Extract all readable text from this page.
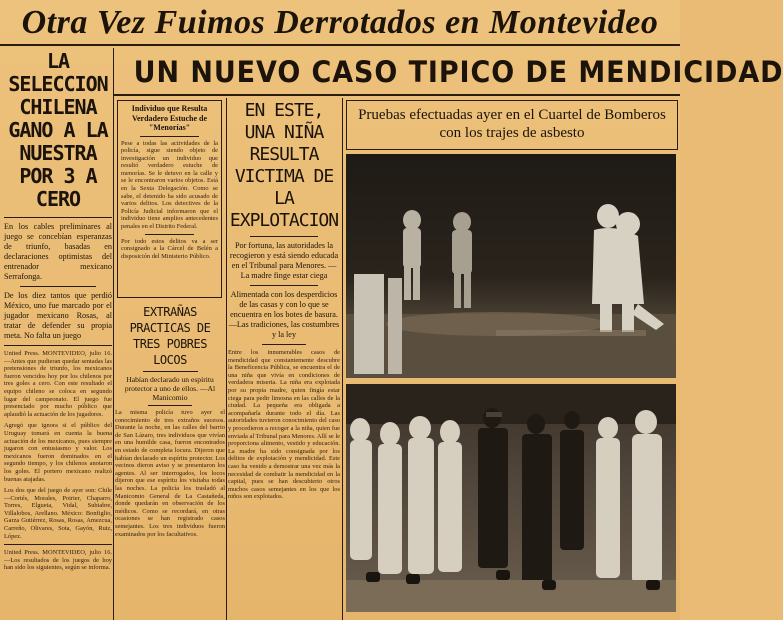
Otra Vez Fuimos Derrotados en Montevideo
LA SELECCION CHILENA GANO A LA NUESTRA POR 3 A CERO
En los cables preliminares al juego se concebían esperanzas de triunfo, basadas en declaraciones optimistas del entrenador mexicano Serrafonga.
De los diez tantos que perdió México, uno fue marcado por el jugador mexicano Rosas, al tratar de defender su propia meta. No falta un juego
United Press. MONTEVIDEO, julio 16.—Antes que pudieran quedar sentadas las pretensiones de triunfo, los mexicanos fueron vencidos hoy por los chilenos por tres goles a cero. Con este resultado el equipo chileno se coloca en segundo lugar del campeonato. El juego fue presenciado por mucho público que aplaudió la actuación de los jugadores.
Agregó que ignora si el público del Uruguay tomará en cuenta la buena actuación de los mexicanos, pues siempre jugaron con entusiasmo y valor. Los mexicanos fueron dominados en el segundo tiempo, y los chilenos anotaron los goles. El portero mexicano realizó buenas atajadas.
Los dos que del juego de ayer son: Chile—Cortés, Morales, Poirier, Chaparro, Torres, Elgueta, Vidal, Subiabre, Villalobos, Arellano. México: Bonfiglio, Garza Gutiérrez, Rosas, Rosas, Amezcua, Carreño, Olivares, Sota, Gayón, Ruiz, López.
United Press. MONTEVIDEO, julio 16.—Los resultados de los juegos de hoy han sido los siguientes, según se informa.
UN NUEVO CASO TIPICO DE MENDICIDAD
Individuo que Resulta Verdadero Estuche de "Menorías"
Pese a todas las actividades de la policía, sigue siendo objeto de investigación un individuo que resultó verdadero estuche de menorías. Se le detuvo en la calle y se le encontraron varios objetos. Está en la Sexta Delegación. Como se sabe, el detenido ha sido acusado de varios delitos. Los detectives de la Policía Judicial informaron que el individuo tiene amplios antecedentes penales en el Distrito Federal.
Por todo estos delitos va a ser consignado a la Cárcel de Belén a disposición del Ministerio Público.
EXTRAÑAS PRACTICAS DE TRES POBRES LOCOS
Habían declarado un espíritu protector a uno de ellos. —Al Manicomio
La misma policía tuvo ayer el conocimiento de tres extraños sucesos. Durante la noche, en las calles del barrio de San Lázaro, tres individuos que vivían en una humilde casa, fueron encontrados en estado de completa locura. Dijeron que habían declarado un espíritu protector. Los vecinos dieron aviso y se presentaron los agentes. Al ser interrogados, los locos dijeron que ese espíritu los visitaba todas las noches. La policía los trasladó al Manicomio General de La Castañeda, donde quedarán en observación de los médicos. Como se recordará, en otras ocasiones se han registrado casos semejantes. Los tres individuos fueron examinados por los facultativos.
EN ESTE, UNA NIÑA RESULTA VICTIMA DE LA EXPLOTACION
Por fortuna, las autoridades la recogieron y está siendo educada en el Tribunal para Menores. —La madre finge estar ciega
Alimentada con los desperdicios de las casas y con lo que se encuentra en los botes de basura. —Las tradiciones, las costumbres y la ley
Entre los innumerables casos de mendicidad que constantemente descubre la Beneficencia Pública, se encuentra el de una niña que vivía en condiciones de verdadera miseria. La niña era explotada por su propia madre, quien fingía estar ciega para pedir limosna en las calles de la ciudad. La pequeña era obligada a acompañarla durante todo el día. Las autoridades tuvieron conocimiento del caso y procedieron a recoger a la niña, quien fue enviada al Tribunal para Menores. Allí se le proporciona alimento, vestido y educación. La madre ha sido consignada por los delitos de explotación y mendicidad. Este caso ha venido a demostrar una vez más la necesidad de combatir la mendicidad en la capital, pues se han descubierto otros muchos casos semejantes en los que los niños son explotados.
Pruebas efectuadas ayer en el Cuartel de Bomberos con los trajes de asbesto
